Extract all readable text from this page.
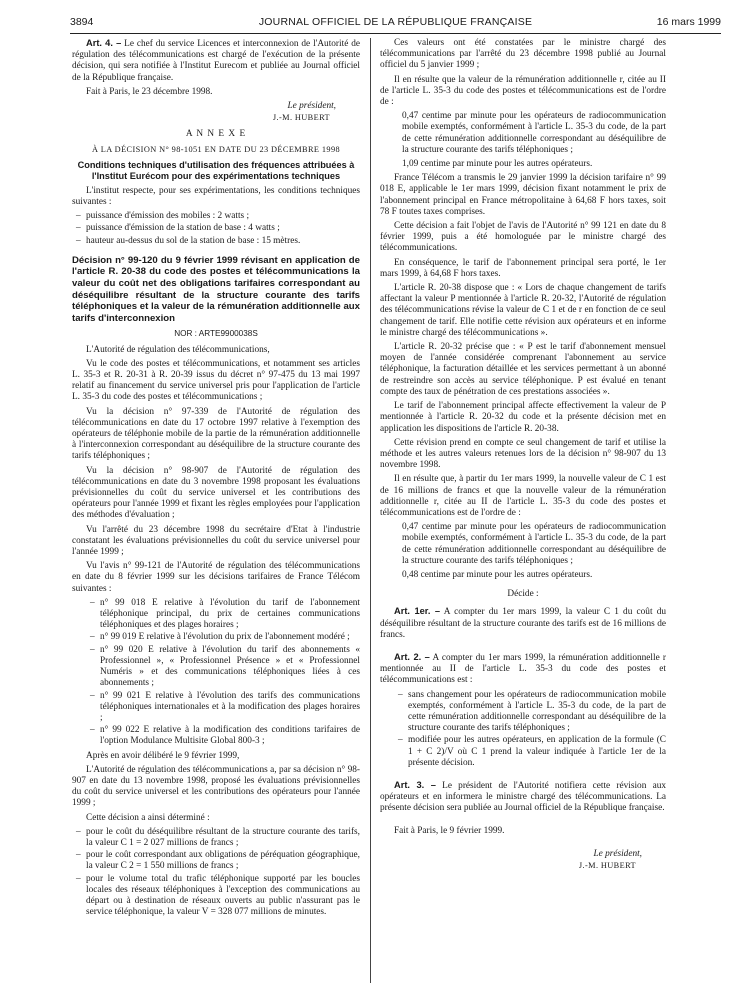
3894	JOURNAL OFFICIEL DE LA RÉPUBLIQUE FRANÇAISE	16 mars 1999

Art. 4. – Le chef du service Licences et interconnexion de l'Autorité de régulation des télécommunications est chargé de l'exécution de la présente décision, qui sera notifiée à l'Institut Eurecom et publiée au Journal officiel de la République française.

Fait à Paris, le 23 décembre 1998.

Le président,

J.-M. HUBERT

A N N E X E

À LA DÉCISION N° 98-1051 EN DATE DU 23 DÉCEMBRE 1998

Conditions techniques d'utilisation des fréquences attribuées à l'Institut Eurécom pour des expérimentations techniques

L'institut respecte, pour ses expérimentations, les conditions techniques suivantes :

– puissance d'émission des mobiles : 2 watts ;
– puissance d'émission de la station de base : 4 watts ;
– hauteur au-dessus du sol de la station de base : 15 mètres.

Décision n° 99-120 du 9 février 1999 révisant en application de l'article R. 20-38 du code des postes et télécommunications la valeur du coût net des obligations tarifaires correspondant au déséquilibre résultant de la structure courante des tarifs téléphoniques et la valeur de la rémunération additionnelle aux tarifs d'interconnexion

NOR : ARTE9900038S

L'Autorité de régulation des télécommunications,

Vu le code des postes et télécommunications, et notamment ses articles L. 35-3 et R. 20-31 à R. 20-39 issus du décret n° 97-475 du 13 mai 1997 relatif au financement du service universel pris pour l'application de l'article L. 35-3 du code des postes et télécommunications ;

Vu la décision n° 97-339 de l'Autorité de régulation des télécommunications en date du 17 octobre 1997 relative à l'exemption des opérateurs de téléphonie mobile de la partie de la rémunération additionnelle à l'interconnexion correspondant au déséquilibre de la structure courante des tarifs téléphoniques ;

Vu la décision n° 98-907 de l'Autorité de régulation des télécommunications en date du 3 novembre 1998 proposant les évaluations prévisionnelles du coût du service universel et les contributions des opérateurs pour l'année 1999 et fixant les règles employées pour l'application des méthodes d'évaluation ;

Vu l'arrêté du 23 décembre 1998 du secrétaire d'Etat à l'industrie constatant les évaluations prévisionnelles du coût du service universel pour l'année 1999 ;

Vu l'avis n° 99-121 de l'Autorité de régulation des télécommunications en date du 8 février 1999 sur les décisions tarifaires de France Télécom suivantes :

– n° 99 018 E relative à l'évolution du tarif de l'abonnement téléphonique principal, du prix de certaines communications téléphoniques et des plages horaires ;
– n° 99 019 E relative à l'évolution du prix de l'abonnement modéré ;
– n° 99 020 E relative à l'évolution du tarif des abonnements « Professionnel », « Professionnel Présence » et « Professionnel Numéris » et des communications téléphoniques liées à ces abonnements ;
– n° 99 021 E relative à l'évolution des tarifs des communications téléphoniques internationales et à la modification des plages horaires ;
– n° 99 022 E relative à la modification des conditions tarifaires de l'option Modulance Multisite Global 800-3 ;

Après en avoir délibéré le 9 février 1999,

L'Autorité de régulation des télécommunications a, par sa décision n° 98-907 en date du 13 novembre 1998, proposé les évaluations prévisionnelles du coût du service universel et les contributions des opérateurs pour l'année 1999 ;

Cette décision a ainsi déterminé :

– pour le coût du déséquilibre résultant de la structure courante des tarifs, la valeur C 1 = 2 027 millions de francs ;
– pour le coût correspondant aux obligations de péréquation géographique, la valeur C 2 = 1 550 millions de francs ;
– pour le volume total du trafic téléphonique supporté par les boucles locales des réseaux téléphoniques à l'exception des communications au départ ou à destination de réseaux ouverts au public n'assurant pas le service téléphonique, la valeur V = 328 077 millions de minutes.

Ces valeurs ont été constatées par le ministre chargé des télécommunications par l'arrêté du 23 décembre 1998 publié au Journal officiel du 5 janvier 1999 ;

Il en résulte que la valeur de la rémunération additionnelle r, citée au II de l'article L. 35-3 du code des postes et télécommunications est de l'ordre de :

0,47 centime par minute pour les opérateurs de radiocommunication mobile exemptés, conformément à l'article L. 35-3 du code, de la part de cette rémunération additionnelle correspondant au déséquilibre de la structure courante des tarifs téléphoniques ;

1,09 centime par minute pour les autres opérateurs.

France Télécom a transmis le 29 janvier 1999 la décision tarifaire n° 99 018 E, applicable le 1er mars 1999, décision fixant notamment le prix de l'abonnement principal en France métropolitaine à 64,68 F hors taxes, soit 78 F toutes taxes comprises.

Cette décision a fait l'objet de l'avis de l'Autorité n° 99 121 en date du 8 février 1999, puis a été homologuée par le ministre chargé des télécommunications.

En conséquence, le tarif de l'abonnement principal sera porté, le 1er mars 1999, à 64,68 F hors taxes.

L'article R. 20-38 dispose que : « Lors de chaque changement de tarifs affectant la valeur P mentionnée à l'article R. 20-32, l'Autorité de régulation des télécommunications révise la valeur de C 1 et de r en fonction de ce seul changement de tarif. Elle notifie cette révision aux opérateurs et en informe le ministre chargé des télécommunications ».

L'article R. 20-32 précise que : « P est le tarif d'abonnement mensuel moyen de l'année considérée comprenant l'abonnement au service téléphonique, la facturation détaillée et les services permettant à un abonné de restreindre son accès au service téléphonique. P est évalué en tenant compte des taux de pénétration de ces prestations associées ».

Le tarif de l'abonnement principal affecte effectivement la valeur de P mentionnée à l'article R. 20-32 du code et la présente décision met en application les dispositions de l'article R. 20-38.

Cette révision prend en compte ce seul changement de tarif et utilise la méthode et les autres valeurs retenues lors de la décision n° 98-907 du 13 novembre 1998.

Il en résulte que, à partir du 1er mars 1999, la nouvelle valeur de C 1 est de 16 millions de francs et que la nouvelle valeur de la rémunération additionnelle r, citée au II de l'article L. 35-3 du code des postes et télécommunications est de l'ordre de :

0,47 centime par minute pour les opérateurs de radiocommunication mobile exemptés, conformément à l'article L. 35-3 du code, de la part de cette rémunération additionnelle correspondant au déséquilibre de la structure courante des tarifs téléphoniques ;

0,48 centime par minute pour les autres opérateurs.

Décide :

Art. 1er. – A compter du 1er mars 1999, la valeur C 1 du coût du déséquilibre résultant de la structure courante des tarifs est de 16 millions de francs.

Art. 2. – A compter du 1er mars 1999, la rémunération additionnelle r mentionnée au II de l'article L. 35-3 du code des postes et télécommunications est :

– sans changement pour les opérateurs de radiocommunication mobile exemptés, conformément à l'article L. 35-3 du code, de la part de cette rémunération additionnelle correspondant au déséquilibre de la structure courante des tarifs téléphoniques ;
– modifiée pour les autres opérateurs, en application de la formule (C 1 + C 2)/V où C 1 prend la valeur indiquée à l'article 1er de la présente décision.

Art. 3. – Le président de l'Autorité notifiera cette révision aux opérateurs et en informera le ministre chargé des télécommunications. La présente décision sera publiée au Journal officiel de la République française.

Fait à Paris, le 9 février 1999.

Le président,

J.-M. HUBERT
